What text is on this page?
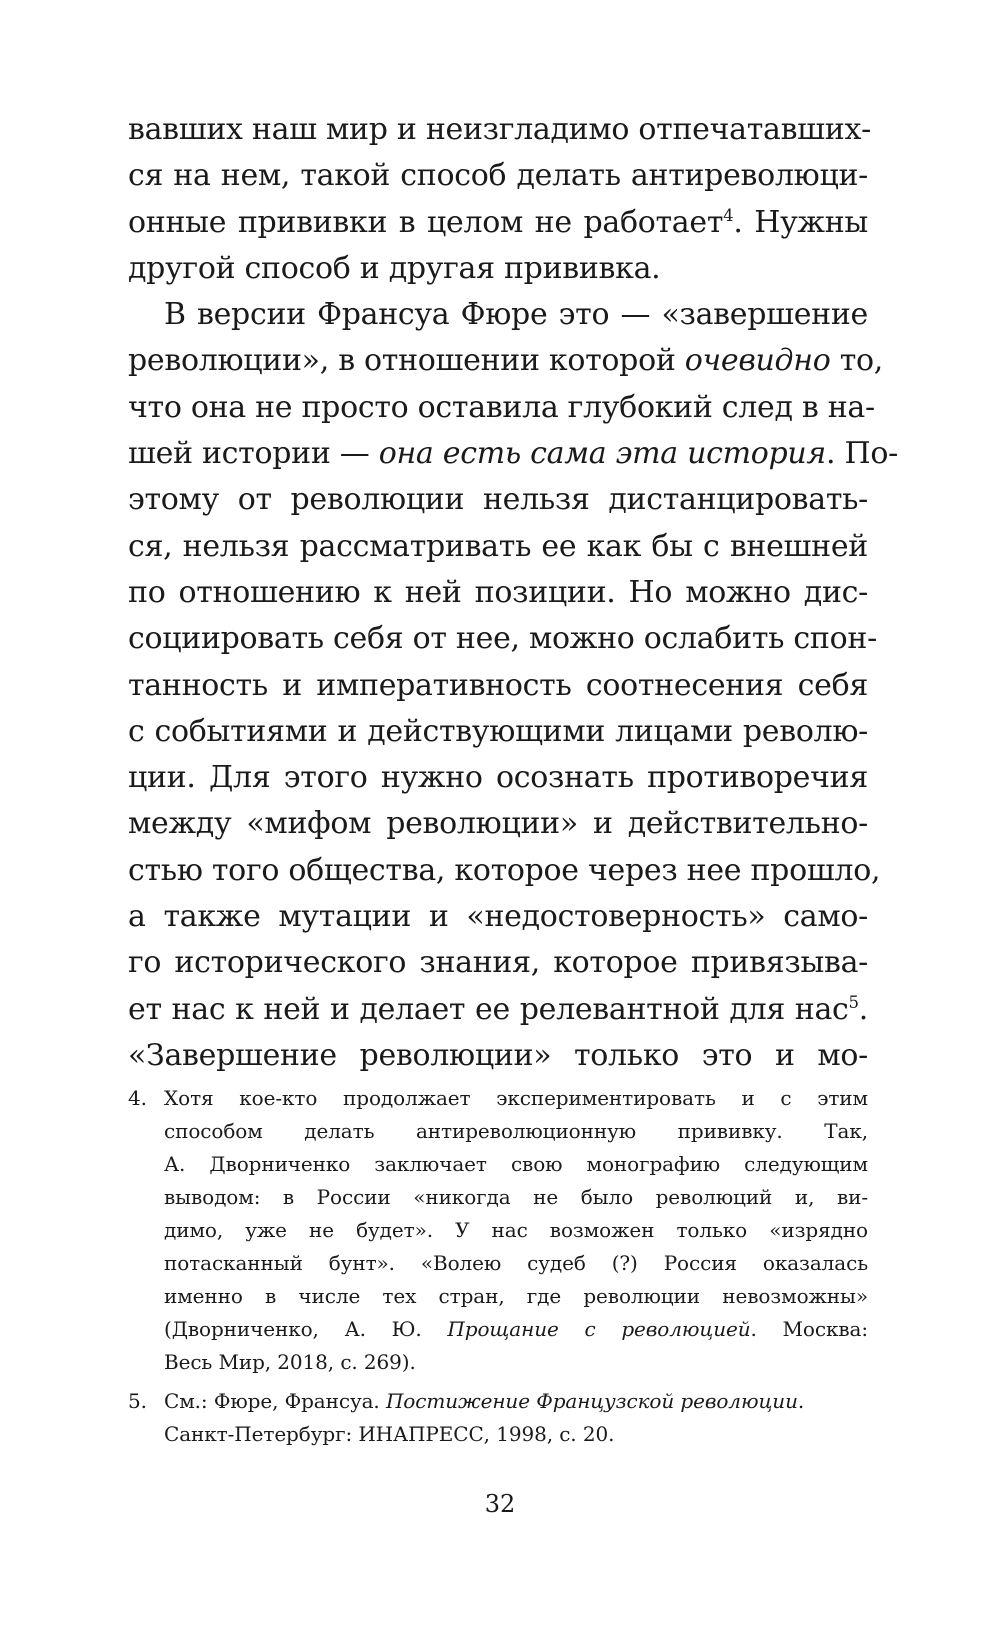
вавших наш мир и неизгладимо отпечатавших-
ся на нем, такой способ делать антиреволюци-
онные прививки в целом не работает$^4$. Нужны
другой способ и другая прививка.
В версии Франсуа Фюре это — «завершение
революции», в отношении которой очевидно то,
что она не просто оставила глубокий след в на-
шей истории — она есть сама эта история. По-
этому от революции нельзя дистанцировать-
ся, нельзя рассматривать ее как бы с внешней
по отношению к ней позиции. Но можно дис-
социировать себя от нее, можно ослабить спон-
танность и императивность соотнесения себя
с событиями и действующими лицами револю-
ции. Для этого нужно осознать противоречия
между «мифом революции» и действительно-
стью того общества, которое через нее прошло,
а также мутации и «недостоверность» само-
го исторического знания, которое привязыва-
ет нас к ней и делает ее релевантной для нас$^5$.
«Завершение революции» только это и мо-
4. Хотя кое-кто продолжает экспериментировать и с этим
способом делать антиреволюционную прививку. Так,
А. Дворниченко заключает свою монографию следующим
выводом: в России «никогда не было революций и, ви-
димо, уже не будет». У нас возможен только «изрядно
потасканный бунт». «Волею судеб (?) Россия оказалась
именно в числе тех стран, где революции невозможны»
(Дворниченко, А. Ю. Прощание с революцией. Москва:
Весь Мир, 2018, с. 269).
5. См.: Фюре, Франсуа. Постижение Французской революции.
Санкт-Петербург: ИНАПРЕСС, 1998, с. 20.
32
